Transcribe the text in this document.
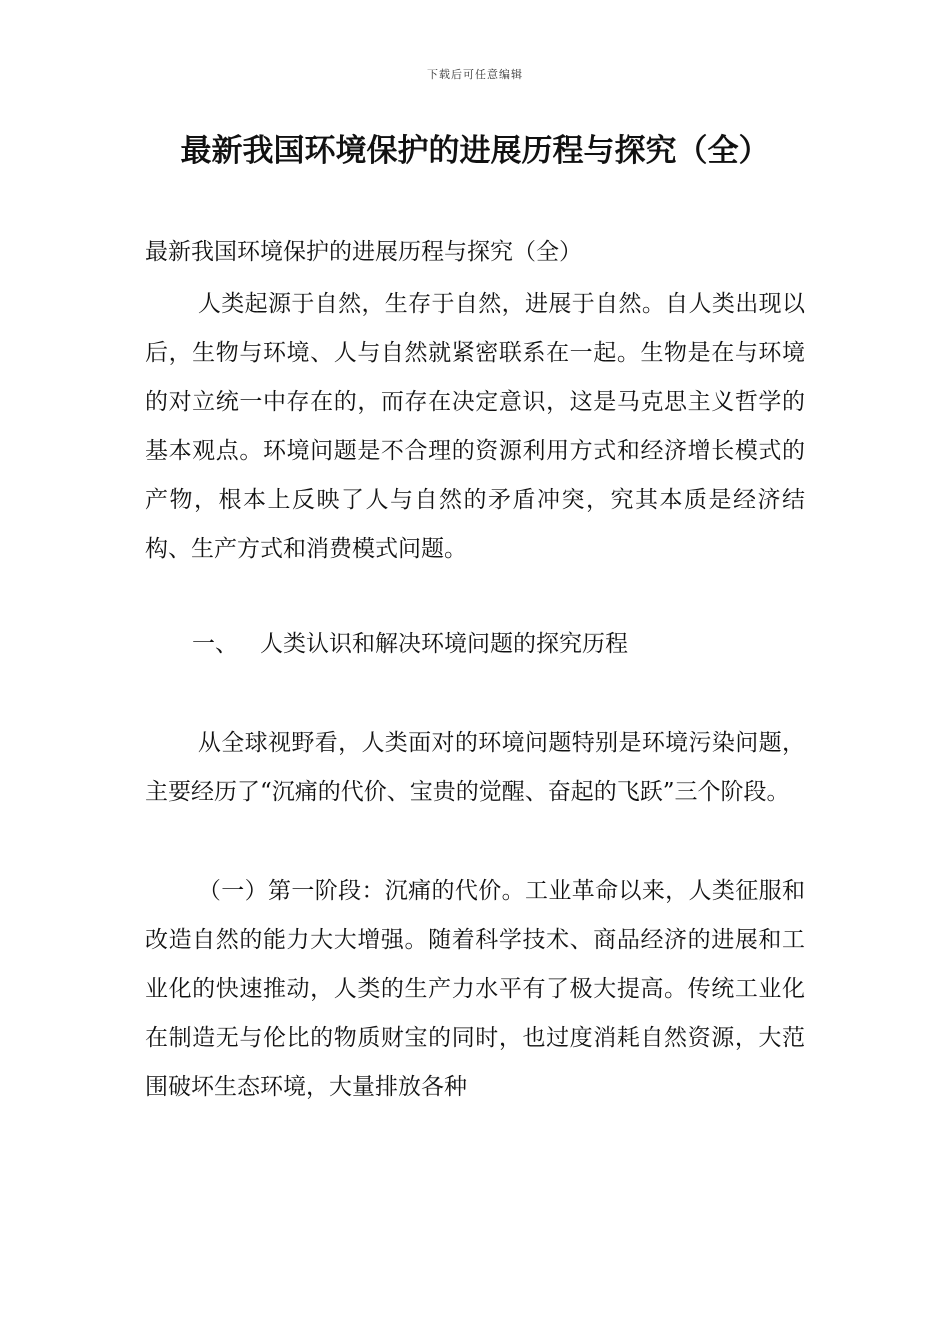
下载后可任意编辑
最新我国环境保护的进展历程与探究（全）

最新我国环境保护的进展历程与探究（全）

人类起源于自然，生存于自然，进展于自然。自人类出现以后，生物与环境、人与自然就紧密联系在一起。生物是在与环境的对立统一中存在的，而存在决定意识，这是马克思主义哲学的基本观点。环境问题是不合理的资源利用方式和经济增长模式的产物，根本上反映了人与自然的矛盾冲突，究其本质是经济结构、生产方式和消费模式问题。

一、 人类认识和解决环境问题的探究历程

从全球视野看，人类面对的环境问题特别是环境污染问题，主要经历了“沉痛的代价、宝贵的觉醒、奋起的飞跃”三个阶段。

（一）第一阶段：沉痛的代价。工业革命以来，人类征服和改造自然的能力大大增强。随着科学技术、商品经济的进展和工业化的快速推动，人类的生产力水平有了极大提高。传统工业化在制造无与伦比的物质财宝的同时，也过度消耗自然资源，大范围破坏生态环境，大量排放各种
